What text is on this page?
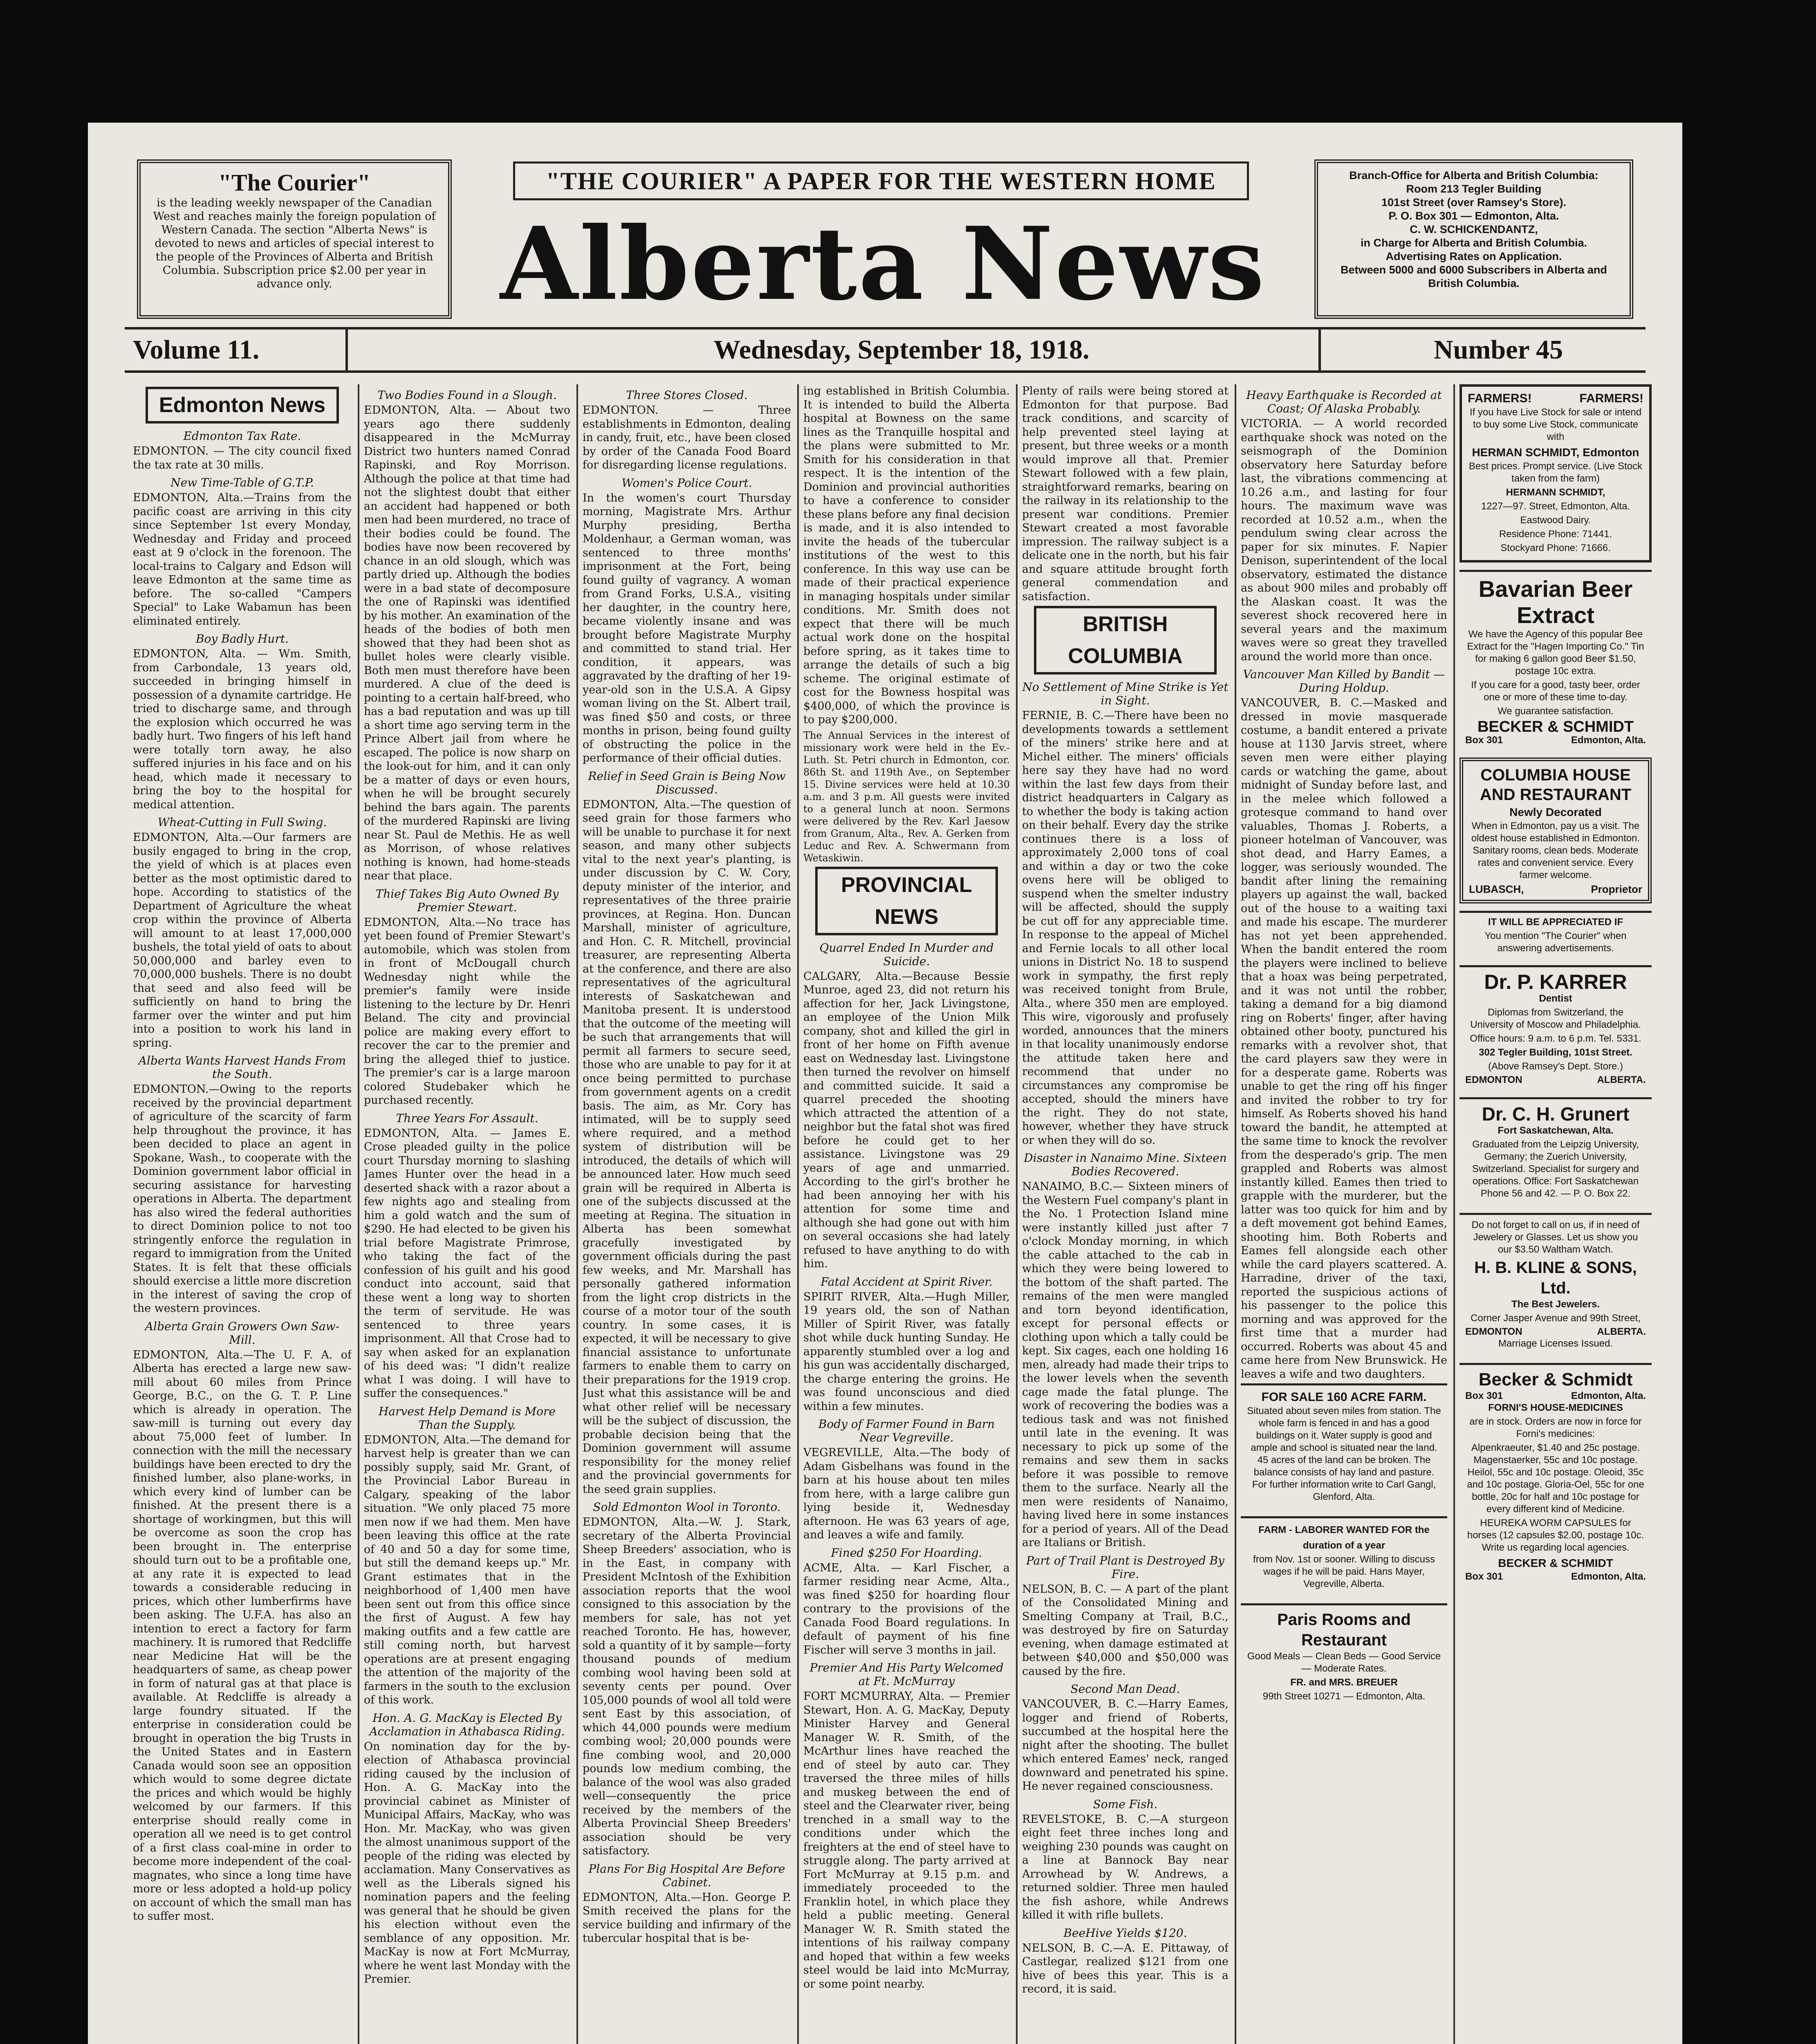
"The Courier"
is the leading weekly newspaper of the Canadian West and reaches mainly the foreign population of Western Canada. The section "Alberta News" is devoted to news and articles of special interest to the people of the Provinces of Alberta and British Columbia. Subscription price $2.00 per year in advance only.
"THE COURIER" A PAPER FOR THE WESTERN HOME
Alberta News

Branch-Office for Alberta and British Columbia:

Room 213 Tegler Building

101st Street (over Ramsey's Store).

P. O. Box 301 — Edmonton, Alta.

C. W. SCHICKENDANTZ,

in Charge for Alberta and British Columbia.

Advertising Rates on Application.

Between 5000 and 6000 Subscribers in Alberta and British Columbia.

Volume 11.	Wednesday, September 18, 1918.	Number 45
Edmonton News
Edmonton Tax Rate.

EDMONTON. — The city council fixed the tax rate at 30 mills.

New Time-Table of G.T.P.

EDMONTON, Alta.—Trains from the pacific coast are arriving in this city since September 1st every Monday, Wednesday and Friday and proceed east at 9 o'clock in the forenoon. The local-trains to Calgary and Edson will leave Edmonton at the same time as before. The so-called "Campers Special" to Lake Wabamun has been eliminated entirely.

Boy Badly Hurt.

EDMONTON, Alta. — Wm. Smith, from Carbondale, 13 years old, succeeded in bringing himself in possession of a dynamite cartridge. He tried to discharge same, and through the explosion which occurred he was badly hurt. Two fingers of his left hand were totally torn away, he also suffered injuries in his face and on his head, which made it necessary to bring the boy to the hospital for medical attention.

Wheat-Cutting in Full Swing.

EDMONTON, Alta.—Our farmers are busily engaged to bring in the crop, the yield of which is at places even better as the most optimistic dared to hope. According to statistics of the Department of Agriculture the wheat crop within the province of Alberta will amount to at least 17,000,000 bushels, the total yield of oats to about 50,000,000 and barley even to 70,000,000 bushels. There is no doubt that seed and also feed will be sufficiently on hand to bring the farmer over the winter and put him into a position to work his land in spring.

Alberta Wants Harvest Hands From the South.

EDMONTON.—Owing to the reports received by the provincial department of agriculture of the scarcity of farm help throughout the province, it has been decided to place an agent in Spokane, Wash., to cooperate with the Dominion government labor official in securing assistance for harvesting operations in Alberta. The department has also wired the federal authorities to direct Dominion police to not too stringently enforce the regulation in regard to immigration from the United States. It is felt that these officials should exercise a little more discretion in the interest of saving the crop of the western provinces.

Alberta Grain Growers Own Saw-Mill.

EDMONTON, Alta.—The U. F. A. of Alberta has erected a large new saw-mill about 60 miles from Prince George, B.C., on the G. T. P. Line which is already in operation. The saw-mill is turning out every day about 75,000 feet of lumber. In connection with the mill the necessary buildings have been erected to dry the finished lumber, also plane-works, in which every kind of lumber can be finished. At the present there is a shortage of workingmen, but this will be overcome as soon the crop has been brought in. The enterprise should turn out to be a profitable one, at any rate it is expected to lead towards a considerable reducing in prices, which other lumberfirms have been asking. The U.F.A. has also an intention to erect a factory for farm machinery. It is rumored that Redcliffe near Medicine Hat will be the headquarters of same, as cheap power in form of natural gas at that place is available. At Redcliffe is already a large foundry situated. If the enterprise in consideration could be brought in operation the big Trusts in the United States and in Eastern Canada would soon see an opposition which would to some degree dictate the prices and which would be highly welcomed by our farmers. If this enterprise should really come in operation all we need is to get control of a first class coal-mine in order to become more independent of the coal-magnates, who since a long time have more or less adopted a hold-up policy on account of which the small man has to suffer most.

Two Bodies Found in a Slough.

EDMONTON, Alta. — About two years ago there suddenly disappeared in the McMurray District two hunters named Conrad Rapinski, and Roy Morrison. Although the police at that time had not the slightest doubt that either an accident had happened or both men had been murdered, no trace of their bodies could be found. The bodies have now been recovered by chance in an old slough, which was partly dried up. Although the bodies were in a bad state of decomposure the one of Rapinski was identified by his mother. An examination of the heads of the bodies of both men showed that they had been shot as bullet holes were clearly visible. Both men must therefore have been murdered. A clue of the deed is pointing to a certain half-breed, who has a bad reputation and was up till a short time ago serving term in the Prince Albert jail from where he escaped. The police is now sharp on the look-out for him, and it can only be a matter of days or even hours, when he will be brought securely behind the bars again. The parents of the murdered Rapinski are living near St. Paul de Methis. He as well as Morrison, of whose relatives nothing is known, had home-steads near that place.

Thief Takes Big Auto Owned By Premier Stewart.

EDMONTON, Alta.—No trace has yet been found of Premier Stewart's automobile, which was stolen from in front of McDougall church Wednesday night while the premier's family were inside listening to the lecture by Dr. Henri Beland. The city and provincial police are making every effort to recover the car to the premier and bring the alleged thief to justice. The premier's car is a large maroon colored Studebaker which he purchased recently.

Three Years For Assault.

EDMONTON, Alta. — James E. Crose pleaded guilty in the police court Thursday morning to slashing James Hunter over the head in a deserted shack with a razor about a few nights ago and stealing from him a gold watch and the sum of $290. He had elected to be given his trial before Magistrate Primrose, who taking the fact of the confession of his guilt and his good conduct into account, said that these went a long way to shorten the term of servitude. He was sentenced to three years imprisonment. All that Crose had to say when asked for an explanation of his deed was: "I didn't realize what I was doing. I will have to suffer the consequences."

Harvest Help Demand is More Than the Supply.

EDMONTON, Alta.—The demand for harvest help is greater than we can possibly supply, said Mr. Grant, of the Provincial Labor Bureau in Calgary, speaking of the labor situation. "We only placed 75 more men now if we had them. Men have been leaving this office at the rate of 40 and 50 a day for some time, but still the demand keeps up." Mr. Grant estimates that in the neighborhood of 1,400 men have been sent out from this office since the first of August. A few hay making outfits and a few cattle are still coming north, but harvest operations are at present engaging the attention of the majority of the farmers in the south to the exclusion of this work.

Hon. A. G. MacKay is Elected By Acclamation in Athabasca Riding.

On nomination day for the by-election of Athabasca provincial riding caused by the inclusion of Hon. A. G. MacKay into the provincial cabinet as Minister of Municipal Affairs, MacKay, who was Hon. Mr. MacKay, who was given the almost unanimous support of the people of the riding was elected by acclamation. Many Conservatives as well as the Liberals signed his nomination papers and the feeling was general that he should be given his election without even the semblance of any opposition. Mr. MacKay is now at Fort McMurray, where he went last Monday with the Premier.

Three Stores Closed.

EDMONTON. — Three establishments in Edmonton, dealing in candy, fruit, etc., have been closed by order of the Canada Food Board for disregarding license regulations.

Women's Police Court.

In the women's court Thursday morning, Magistrate Mrs. Arthur Murphy presiding, Bertha Moldenhaur, a German woman, was sentenced to three months' imprisonment at the Fort, being found guilty of vagrancy. A woman from Grand Forks, U.S.A., visiting her daughter, in the country here, became violently insane and was brought before Magistrate Murphy and committed to stand trial. Her condition, it appears, was aggravated by the drafting of her 19-year-old son in the U.S.A. A Gipsy woman living on the St. Albert trail, was fined $50 and costs, or three months in prison, being found guilty of obstructing the police in the performance of their official duties.

Relief in Seed Grain is Being Now Discussed.

EDMONTON, Alta.—The question of seed grain for those farmers who will be unable to purchase it for next season, and many other subjects vital to the next year's planting, is under discussion by C. W. Cory, deputy minister of the interior, and representatives of the three prairie provinces, at Regina. Hon. Duncan Marshall, minister of agriculture, and Hon. C. R. Mitchell, provincial treasurer, are representing Alberta at the conference, and there are also representatives of the agricultural interests of Saskatchewan and Manitoba present. It is understood that the outcome of the meeting will be such that arrangements that will permit all farmers to secure seed, those who are unable to pay for it at once being permitted to purchase from government agents on a credit basis. The aim, as Mr. Cory has intimated, will be to supply seed where required, and a method system of distribution will be introduced, the details of which will be announced later. How much seed grain will be required in Alberta is one of the subjects discussed at the meeting at Regina. The situation in Alberta has been somewhat gracefully investigated by government officials during the past few weeks, and Mr. Marshall has personally gathered information from the light crop districts in the course of a motor tour of the south country. In some cases, it is expected, it will be necessary to give financial assistance to unfortunate farmers to enable them to carry on their preparations for the 1919 crop. Just what this assistance will be and what other relief will be necessary will be the subject of discussion, the probable decision being that the Dominion government will assume responsibility for the money relief and the provincial governments for the seed grain supplies.

Sold Edmonton Wool in Toronto.

EDMONTON, Alta.—W. J. Stark, secretary of the Alberta Provincial Sheep Breeders' association, who is in the East, in company with President McIntosh of the Exhibition association reports that the wool consigned to this association by the members for sale, has not yet reached Toronto. He has, however, sold a quantity of it by sample—forty thousand pounds of medium combing wool having been sold at seventy cents per pound. Over 105,000 pounds of wool all told were sent East by this association, of which 44,000 pounds were medium combing wool; 20,000 pounds were fine combing wool, and 20,000 pounds low medium combing, the balance of the wool was also graded well—consequently the price received by the members of the Alberta Provincial Sheep Breeders' association should be very satisfactory.

Plans For Big Hospital Are Before Cabinet.

EDMONTON, Alta.—Hon. George P. Smith received the plans for the service building and infirmary of the tubercular hospital that is be-

ing established in British Columbia. It is intended to build the Alberta hospital at Bowness on the same lines as the Tranquille hospital and the plans were submitted to Mr. Smith for his consideration in that respect. It is the intention of the Dominion and provincial authorities to have a conference to consider these plans before any final decision is made, and it is also intended to invite the heads of the tubercular institutions of the west to this conference. In this way use can be made of their practical experience in managing hospitals under similar conditions. Mr. Smith does not expect that there will be much actual work done on the hospital before spring, as it takes time to arrange the details of such a big scheme. The original estimate of cost for the Bowness hospital was $400,000, of which the province is to pay $200,000.

The Annual Services in the interest of missionary work were held in the Ev.-Luth. St. Petri church in Edmonton, cor. 86th St. and 119th Ave., on September 15. Divine services were held at 10.30 a.m. and 3 p.m. All guests were invited to a general lunch at noon. Sermons were delivered by the Rev. Karl Jaesow from Granum, Alta., Rev. A. Gerken from Leduc and Rev. A. Schwermann from Wetaskiwin.

PROVINCIAL NEWS
Quarrel Ended In Murder and Suicide.

CALGARY, Alta.—Because Bessie Munroe, aged 23, did not return his affection for her, Jack Livingstone, an employee of the Union Milk company, shot and killed the girl in front of her home on Fifth avenue east on Wednesday last. Livingstone then turned the revolver on himself and committed suicide. It said a quarrel preceded the shooting which attracted the attention of a neighbor but the fatal shot was fired before he could get to her assistance. Livingstone was 29 years of age and unmarried. According to the girl's brother he had been annoying her with his attention for some time and although she had gone out with him on several occasions she had lately refused to have anything to do with him.

Fatal Accident at Spirit River.

SPIRIT RIVER, Alta.—Hugh Miller, 19 years old, the son of Nathan Miller of Spirit River, was fatally shot while duck hunting Sunday. He apparently stumbled over a log and his gun was accidentally discharged, the charge entering the groins. He was found unconscious and died within a few minutes.

Body of Farmer Found in Barn Near Vegreville.

VEGREVILLE, Alta.—The body of Adam Gisbelhans was found in the barn at his house about ten miles from here, with a large calibre gun lying beside it, Wednesday afternoon. He was 63 years of age, and leaves a wife and family.

Fined $250 For Hoarding.

ACME, Alta. — Karl Fischer, a farmer residing near Acme, Alta., was fined $250 for hoarding flour contrary to the provisions of the Canada Food Board regulations. In default of payment of his fine Fischer will serve 3 months in jail.

Premier And His Party Welcomed at Ft. McMurray

FORT MCMURRAY, Alta. — Premier Stewart, Hon. A. G. MacKay, Deputy Minister Harvey and General Manager W. R. Smith, of the McArthur lines have reached the end of steel by auto car. They traversed the three miles of hills and muskeg between the end of steel and the Clearwater river, being trenched in a small way to the conditions under which the freighters at the end of steel have to struggle along. The party arrived at Fort McMurray at 9.15 p.m. and immediately proceeded to the Franklin hotel, in which place they held a public meeting. General Manager W. R. Smith stated the intentions of his railway company and hoped that within a few weeks steel would be laid into McMurray, or some point nearby.

Plenty of rails were being stored at Edmonton for that purpose. Bad track conditions, and scarcity of help prevented steel laying at present, but three weeks or a month would improve all that. Premier Stewart followed with a few plain, straightforward remarks, bearing on the railway in its relationship to the present war conditions. Premier Stewart created a most favorable impression. The railway subject is a delicate one in the north, but his fair and square attitude brought forth general commendation and satisfaction.

BRITISH COLUMBIA
No Settlement of Mine Strike is Yet in Sight.

FERNIE, B. C.—There have been no developments towards a settlement of the miners' strike here and at Michel either. The miners' officials here say they have had no word within the last few days from their district headquarters in Calgary as to whether the body is taking action on their behalf. Every day the strike continues there is a loss of approximately 2,000 tons of coal and within a day or two the coke ovens here will be obliged to suspend when the smelter industry will be affected, should the supply be cut off for any appreciable time. In response to the appeal of Michel and Fernie locals to all other local unions in District No. 18 to suspend work in sympathy, the first reply was received tonight from Brule, Alta., where 350 men are employed. This wire, vigorously and profusely worded, announces that the miners in that locality unanimously endorse the attitude taken here and recommend that under no circumstances any compromise be accepted, should the miners have the right. They do not state, however, whether they have struck or when they will do so.

Disaster in Nanaimo Mine. Sixteen Bodies Recovered.

NANAIMO, B.C.— Sixteen miners of the Western Fuel company's plant in the No. 1 Protection Island mine were instantly killed just after 7 o'clock Monday morning, in which the cable attached to the cab in which they were being lowered to the bottom of the shaft parted. The remains of the men were mangled and torn beyond identification, except for personal effects or clothing upon which a tally could be kept. Six cages, each one holding 16 men, already had made their trips to the lower levels when the seventh cage made the fatal plunge. The work of recovering the bodies was a tedious task and was not finished until late in the evening. It was necessary to pick up some of the remains and sew them in sacks before it was possible to remove them to the surface. Nearly all the men were residents of Nanaimo, having lived here in some instances for a period of years. All of the Dead are Italians or British.

Part of Trail Plant is Destroyed By Fire.

NELSON, B. C. — A part of the plant of the Consolidated Mining and Smelting Company at Trail, B.C., was destroyed by fire on Saturday evening, when damage estimated at between $40,000 and $50,000 was caused by the fire.

Second Man Dead.

VANCOUVER, B. C.—Harry Eames, logger and friend of Roberts, succumbed at the hospital here the night after the shooting. The bullet which entered Eames' neck, ranged downward and penetrated his spine. He never regained consciousness.

Some Fish.

REVELSTOKE, B. C.—A sturgeon eight feet three inches long and weighing 230 pounds was caught on a line at Bannock Bay near Arrowhead by W. Andrews, a returned soldier. Three men hauled the fish ashore, while Andrews killed it with rifle bullets.

BeeHive Yields $120.

NELSON, B. C.—A. E. Pittaway, of Castlegar, realized $121 from one hive of bees this year. This is a record, it is said.

Heavy Earthquake is Recorded at Coast; Of Alaska Probably.

VICTORIA. — A world recorded earthquake shock was noted on the seismograph of the Dominion observatory here Saturday before last, the vibrations commencing at 10.26 a.m., and lasting for four hours. The maximum wave was recorded at 10.52 a.m., when the pendulum swing clear across the paper for six minutes. F. Napier Denison, superintendent of the local observatory, estimated the distance as about 900 miles and probably off the Alaskan coast. It was the severest shock recovered here in several years and the maximum waves were so great they travelled around the world more than once.

Vancouver Man Killed by Bandit —During Holdup.

VANCOUVER, B. C.—Masked and dressed in movie masquerade costume, a bandit entered a private house at 1130 Jarvis street, where seven men were either playing cards or watching the game, about midnight of Sunday before last, and in the melee which followed a grotesque command to hand over valuables, Thomas J. Roberts, a pioneer hotelman of Vancouver, was shot dead, and Harry Eames, a logger, was seriously wounded. The bandit after lining the remaining players up against the wall, backed out of the house to a waiting taxi and made his escape. The murderer has not yet been apprehended. When the bandit entered the room the players were inclined to believe that a hoax was being perpetrated, and it was not until the robber, taking a demand for a big diamond ring on Roberts' finger, after having obtained other booty, punctured his remarks with a revolver shot, that the card players saw they were in for a desperate game. Roberts was unable to get the ring off his finger and invited the robber to try for himself. As Roberts shoved his hand toward the bandit, he attempted at the same time to knock the revolver from the desperado's grip. The men grappled and Roberts was almost instantly killed. Eames then tried to grapple with the murderer, but the latter was too quick for him and by a deft movement got behind Eames, shooting him. Both Roberts and Eames fell alongside each other while the card players scattered. A. Harradine, driver of the taxi, reported the suspicious actions of his passenger to the police this morning and was approved for the first time that a murder had occurred. Roberts was about 45 and came here from New Brunswick. He leaves a wife and two daughters.

FOR SALE 160 ACRE FARM.

Situated about seven miles from station. The whole farm is fenced in and has a good buildings on it. Water supply is good and ample and school is situated near the land. 45 acres of the land can be broken. The balance consists of hay land and pasture. For further information write to Carl Gangl, Glenford, Alta.

FARM - LABORER WANTED FOR the duration of a year

from Nov. 1st or sooner. Willing to discuss wages if he will be paid. Hans Mayer, Vegreville, Alberta.

Paris Rooms and Restaurant

Good Meals — Clean Beds — Good Service — Moderate Rates.

FR. and MRS. BREUER

99th Street 10271 — Edmonton, Alta.

FARMERS!	FARMERS!

If you have Live Stock for sale or intend to buy some Live Stock, communicate with

HERMAN SCHMIDT, Edmonton

Best prices. Prompt service. (Live Stock taken from the farm)

HERMANN SCHMIDT,

1227—97. Street, Edmonton, Alta.

Eastwood Dairy.

Residence Phone: 71441.

Stockyard Phone: 71666.

Bavarian Beer
Extract

We have the Agency of this popular Bee Extract for the "Hagen Importing Co." Tin for making 6 gallon good Beer $1.50, postage 10c extra.

If you care for a good, tasty beer, order one or more of these time to-day.

We guarantee satisfaction.

BECKER & SCHMIDT
Box 301	Edmonton, Alta.
COLUMBIA HOUSE
AND RESTAURANT
Newly Decorated

When in Edmonton, pay us a visit. The oldest house established in Edmonton. Sanitary rooms, clean beds. Moderate rates and convenient service. Every farmer welcome.

LUBASCH,	Proprietor
IT WILL BE APPRECIATED IF

You mention "The Courier" when answering advertisements.

Dr. P. KARRER

Dentist

Diplomas from Switzerland, the University of Moscow and Philadelphia.

Office hours: 9 a.m. to 6 p.m. Tel. 5331.

302 Tegler Building, 101st Street.

(Above Ramsey's Dept. Store.)

EDMONTON	ALBERTA.
Dr. C. H. Grunert

Fort Saskatchewan, Alta.

Graduated from the Leipzig University, Germany; the Zuerich University, Switzerland. Specialist for surgery and operations. Office: Fort Saskatchewan Phone 56 and 42. — P. O. Box 22.

Do not forget to call on us, if in need of Jewelery or Glasses. Let us show you our $3.50 Waltham Watch.

H. B. KLINE & SONS, Ltd.

The Best Jewelers.

Corner Jasper Avenue and 99th Street,

EDMONTON	ALBERTA.

Marriage Licenses Issued.

Becker & Schmidt
Box 301	Edmonton, Alta.

FORNI'S HOUSE-MEDICINES

are in stock. Orders are now in force for Forni's medicines:

Alpenkraeuter, $1.40 and 25c postage. Magenstaerker, 55c and 10c postage. Heilol, 55c and 10c postage. Oleoid, 35c and 10c postage. Gloria-Oel, 55c for one bottle, 20c for half and 10c postage for every different kind of Medicine.

HEUREKA WORM CAPSULES for horses (12 capsules $2.00, postage 10c. Write us regarding local agencies.

BECKER & SCHMIDT
Box 301	Edmonton, Alta.
